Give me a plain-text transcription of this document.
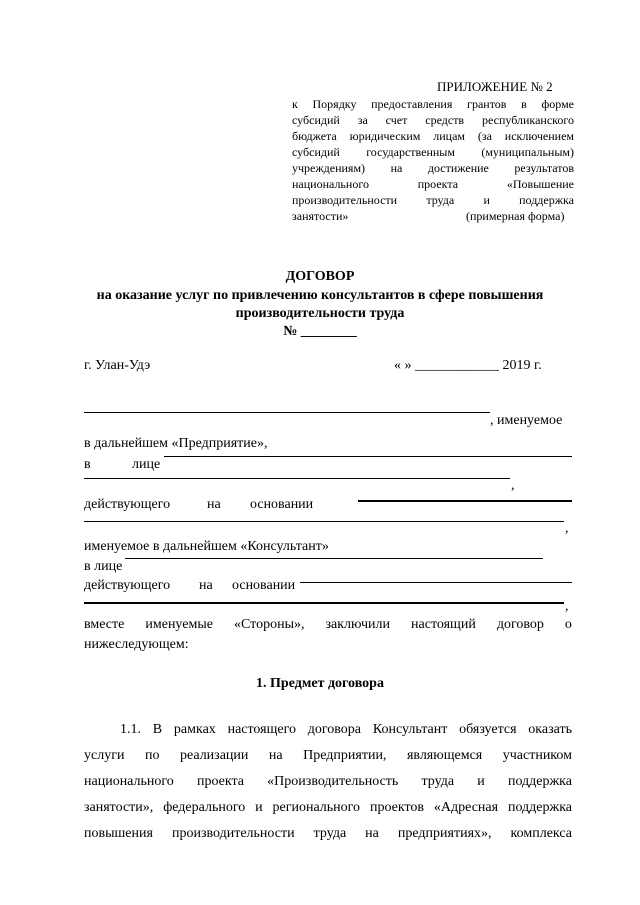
ПРИЛОЖЕНИЕ № 2
к Порядку предоставления грантов в форме
субсидий за счет средств республиканского
бюджета юридическим лицам (за исключением
субсидий государственным (муниципальным)
учреждениям) на достижение результатов
национального проекта «Повышение
производительности труда и поддержка
занятости»	(примерная форма)
ДОГОВОР
на оказание услуг по привлечению консультантов в сфере повышения
производительности труда
№ ________
г. Улан-Удэ	« » ____________ 2019 г.
, именуемое
в дальнейшем «Предприятие»,
в	лице
,
действующего	на основании
,
именуемое в дальнейшем «Консультант»
в лице
действующего на основании
,
вместе именуемые «Стороны», заключили настоящий договор о
нижеследующем:
1. Предмет договора
1.1. В рамках настоящего договора Консультант обязуется оказать
услуги по реализации на Предприятии, являющемся участником
национального проекта «Производительность труда и поддержка
занятости», федерального и регионального проектов «Адресная поддержка
повышения производительности труда на предприятиях», комплекса
